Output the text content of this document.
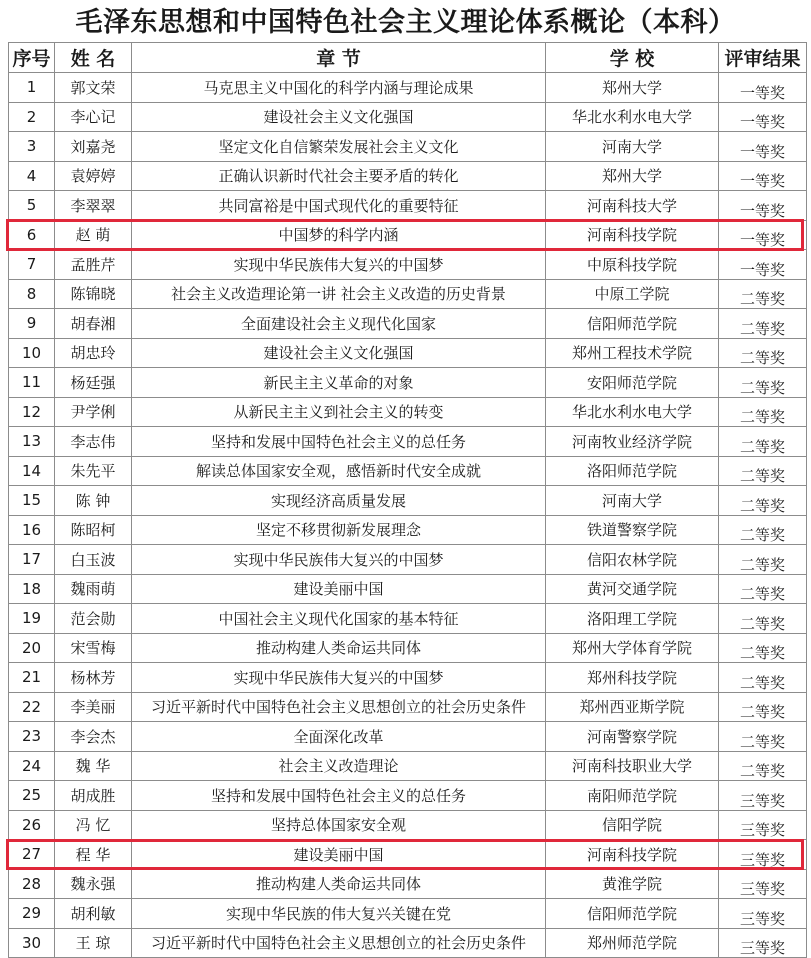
毛泽东思想和中国特色社会主义理论体系概论（本科）
序号	姓 名	章 节	学 校	评审结果
1	郭文荣	马克思主义中国化的科学内涵与理论成果	郑州大学	一等奖
2	李心记	建设社会主义文化强国	华北水利水电大学	一等奖
3	刘嘉尧	坚定文化自信繁荣发展社会主义文化	河南大学	一等奖
4	袁婷婷	正确认识新时代社会主要矛盾的转化	郑州大学	一等奖
5	李翠翠	共同富裕是中国式现代化的重要特征	河南科技大学	一等奖
6	赵 萌	中国梦的科学内涵	河南科技学院	一等奖
7	孟胜芹	实现中华民族伟大复兴的中国梦	中原科技学院	一等奖
8	陈锦晓	社会主义改造理论第一讲 社会主义改造的历史背景	中原工学院	二等奖
9	胡春湘	全面建设社会主义现代化国家	信阳师范学院	二等奖
10	胡忠玲	建设社会主义文化强国	郑州工程技术学院	二等奖
11	杨廷强	新民主主义革命的对象	安阳师范学院	二等奖
12	尹学俐	从新民主主义到社会主义的转变	华北水利水电大学	二等奖
13	李志伟	坚持和发展中国特色社会主义的总任务	河南牧业经济学院	二等奖
14	朱先平	解读总体国家安全观，感悟新时代安全成就	洛阳师范学院	二等奖
15	陈 钟	实现经济高质量发展	河南大学	二等奖
16	陈昭柯	坚定不移贯彻新发展理念	铁道警察学院	二等奖
17	白玉波	实现中华民族伟大复兴的中国梦	信阳农林学院	二等奖
18	魏雨萌	建设美丽中国	黄河交通学院	二等奖
19	范会勋	中国社会主义现代化国家的基本特征	洛阳理工学院	二等奖
20	宋雪梅	推动构建人类命运共同体	郑州大学体育学院	二等奖
21	杨林芳	实现中华民族伟大复兴的中国梦	郑州科技学院	二等奖
22	李美丽	习近平新时代中国特色社会主义思想创立的社会历史条件	郑州西亚斯学院	二等奖
23	李会杰	全面深化改革	河南警察学院	二等奖
24	魏 华	社会主义改造理论	河南科技职业大学	二等奖
25	胡成胜	坚持和发展中国特色社会主义的总任务	南阳师范学院	三等奖
26	冯 忆	坚持总体国家安全观	信阳学院	三等奖
27	程 华	建设美丽中国	河南科技学院	三等奖
28	魏永强	推动构建人类命运共同体	黄淮学院	三等奖
29	胡利敏	实现中华民族的伟大复兴关键在党	信阳师范学院	三等奖
30	王 琼	习近平新时代中国特色社会主义思想创立的社会历史条件	郑州师范学院	三等奖
